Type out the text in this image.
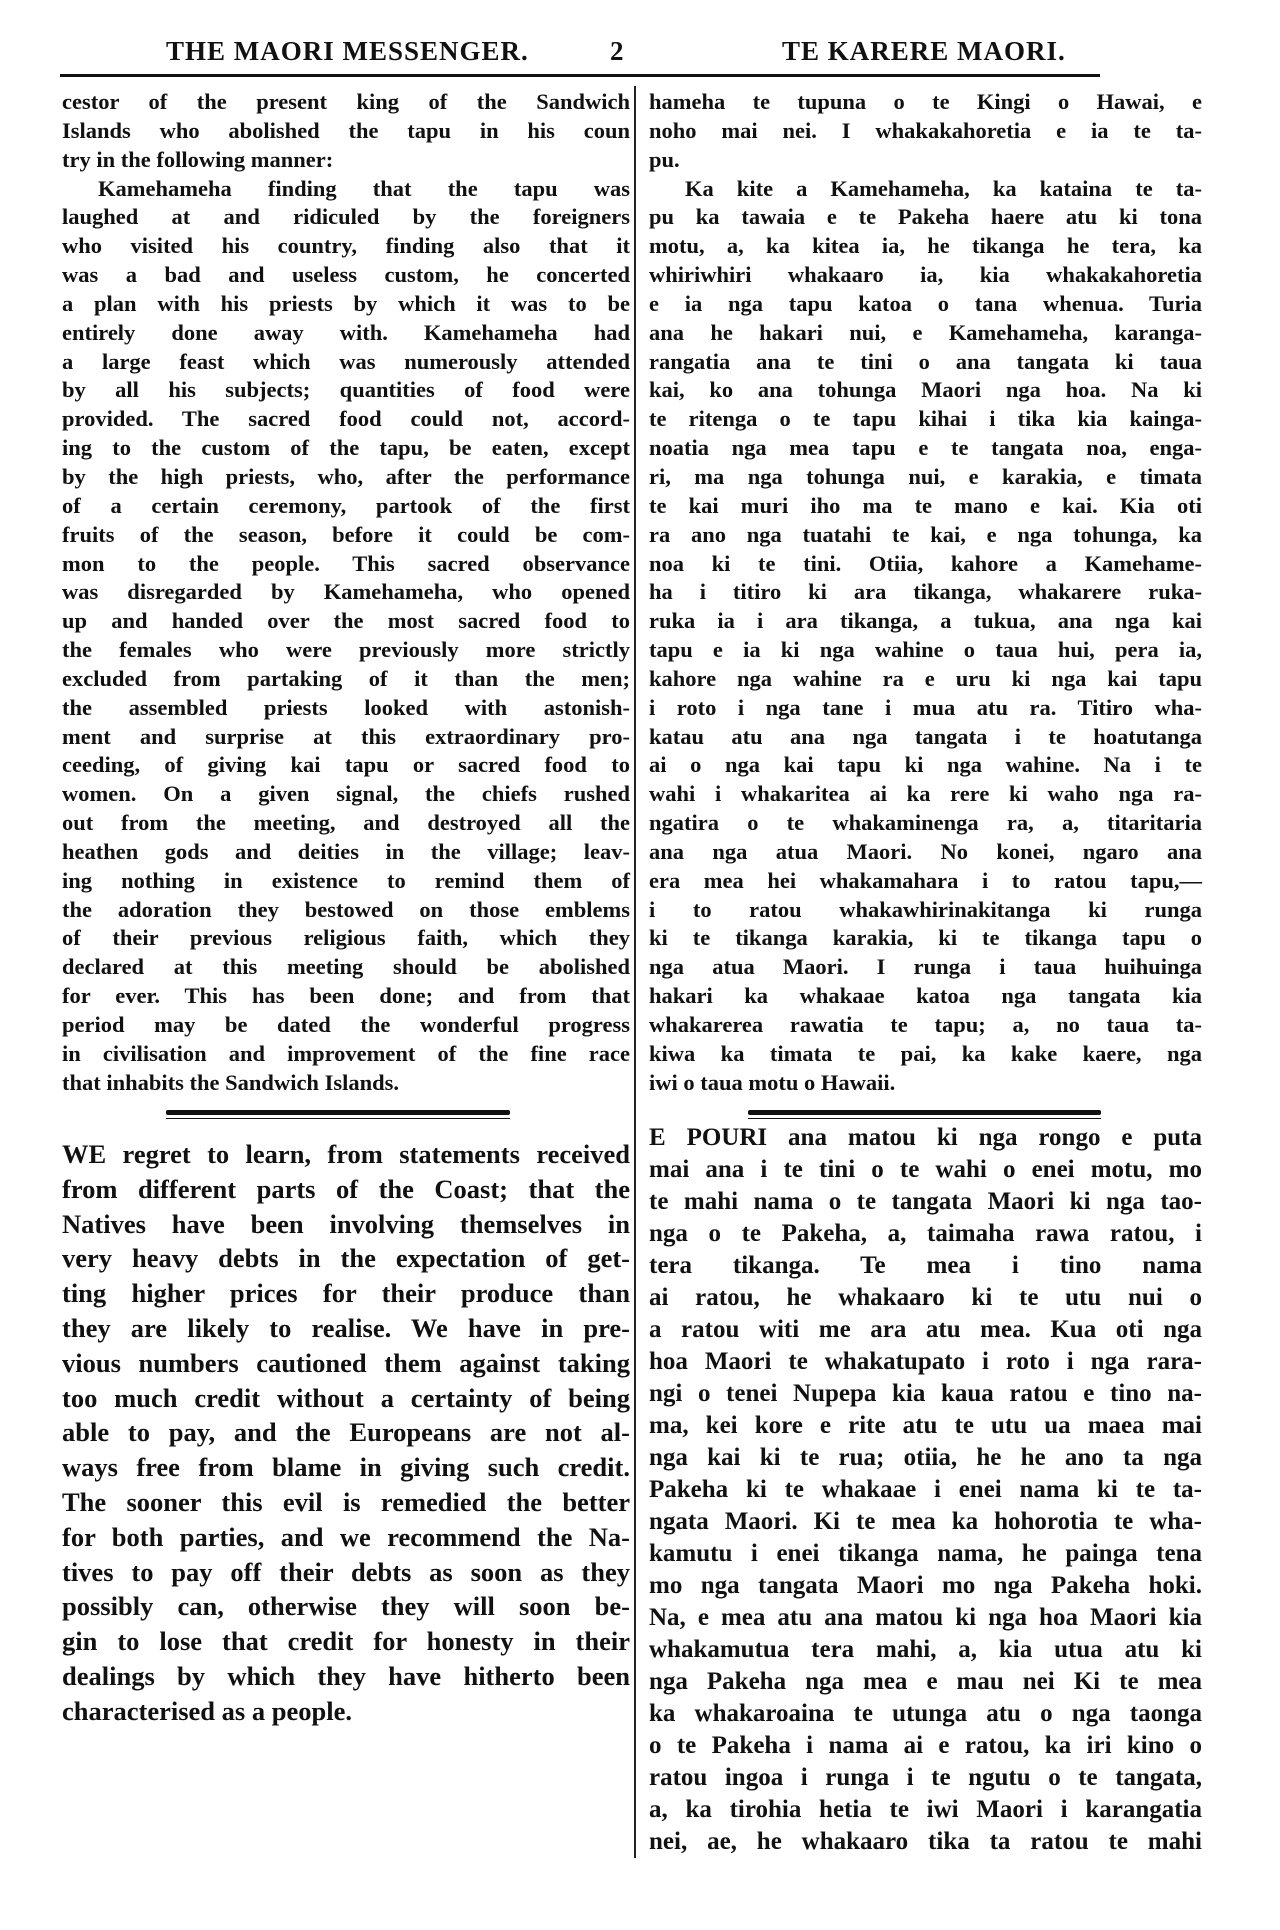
THE MAORI MESSENGER.	2	TE KARERE MAORI.
cestor of the present king of the Sandwich
Islands who abolished the tapu in his coun
try in the following manner:
Kamehameha finding that the tapu was
laughed at and ridiculed by the foreigners
who visited his country, finding also that it
was a bad and useless custom, he concerted
a plan with his priests by which it was to be
entirely done away with. Kamehameha had
a large feast which was numerously attended
by all his subjects; quantities of food were
provided. The sacred food could not, accord-
ing to the custom of the tapu, be eaten, except
by the high priests, who, after the performance
of a certain ceremony, partook of the first
fruits of the season, before it could be com-
mon to the people. This sacred observance
was disregarded by Kamehameha, who opened
up and handed over the most sacred food to
the females who were previously more strictly
excluded from partaking of it than the men;
the assembled priests looked with astonish-
ment and surprise at this extraordinary pro-
ceeding, of giving kai tapu or sacred food to
women. On a given signal, the chiefs rushed
out from the meeting, and destroyed all the
heathen gods and deities in the village; leav-
ing nothing in existence to remind them of
the adoration they bestowed on those emblems
of their previous religious faith, which they
declared at this meeting should be abolished
for ever. This has been done; and from that
period may be dated the wonderful progress
in civilisation and improvement of the fine race
that inhabits the Sandwich Islands.
WE regret to learn, from statements received
from different parts of the Coast; that the
Natives have been involving themselves in
very heavy debts in the expectation of get-
ting higher prices for their produce than
they are likely to realise. We have in pre-
vious numbers cautioned them against taking
too much credit without a certainty of being
able to pay, and the Europeans are not al-
ways free from blame in giving such credit.
The sooner this evil is remedied the better
for both parties, and we recommend the Na-
tives to pay off their debts as soon as they
possibly can, otherwise they will soon be-
gin to lose that credit for honesty in their
dealings by which they have hitherto been
characterised as a people.
hameha te tupuna o te Kingi o Hawai, e
noho mai nei. I whakakahoretia e ia te ta-
pu.
Ka kite a Kamehameha, ka kataina te ta-
pu ka tawaia e te Pakeha haere atu ki tona
motu, a, ka kitea ia, he tikanga he tera, ka
whiriwhiri whakaaro ia, kia whakakahoretia
e ia nga tapu katoa o tana whenua. Turia
ana he hakari nui, e Kamehameha, karanga-
rangatia ana te tini o ana tangata ki taua
kai, ko ana tohunga Maori nga hoa. Na ki
te ritenga o te tapu kihai i tika kia kainga-
noatia nga mea tapu e te tangata noa, enga-
ri, ma nga tohunga nui, e karakia, e timata
te kai muri iho ma te mano e kai. Kia oti
ra ano nga tuatahi te kai, e nga tohunga, ka
noa ki te tini. Otiia, kahore a Kamehame-
ha i titiro ki ara tikanga, whakarere ruka-
ruka ia i ara tikanga, a tukua, ana nga kai
tapu e ia ki nga wahine o taua hui, pera ia,
kahore nga wahine ra e uru ki nga kai tapu
i roto i nga tane i mua atu ra. Titiro wha-
katau atu ana nga tangata i te hoatutanga
ai o nga kai tapu ki nga wahine. Na i te
wahi i whakaritea ai ka rere ki waho nga ra-
ngatira o te whakaminenga ra, a, titaritaria
ana nga atua Maori. No konei, ngaro ana
era mea hei whakamahara i to ratou tapu,—
i to ratou whakawhirinakitanga ki runga
ki te tikanga karakia, ki te tikanga tapu o
nga atua Maori. I runga i taua huihuinga
hakari ka whakaae katoa nga tangata kia
whakarerea rawatia te tapu; a, no taua ta-
kiwa ka timata te pai, ka kake kaere, nga
iwi o taua motu o Hawaii.
E POURI ana matou ki nga rongo e puta
mai ana i te tini o te wahi o enei motu, mo
te mahi nama o te tangata Maori ki nga tao-
nga o te Pakeha, a, taimaha rawa ratou, i
tera tikanga. Te mea i tino nama
ai ratou, he whakaaro ki te utu nui o
a ratou witi me ara atu mea. Kua oti nga
hoa Maori te whakatupato i roto i nga rara-
ngi o tenei Nupepa kia kaua ratou e tino na-
ma, kei kore e rite atu te utu ua maea mai
nga kai ki te rua; otiia, he he ano ta nga
Pakeha ki te whakaae i enei nama ki te ta-
ngata Maori. Ki te mea ka hohorotia te wha-
kamutu i enei tikanga nama, he painga tena
mo nga tangata Maori mo nga Pakeha hoki.
Na, e mea atu ana matou ki nga hoa Maori kia
whakamutua tera mahi, a, kia utua atu ki
nga Pakeha nga mea e mau nei Ki te mea
ka whakaroaina te utunga atu o nga taonga
o te Pakeha i nama ai e ratou, ka iri kino o
ratou ingoa i runga i te ngutu o te tangata,
a, ka tirohia hetia te iwi Maori i karangatia
nei, ae, he whakaaro tika ta ratou te mahi
